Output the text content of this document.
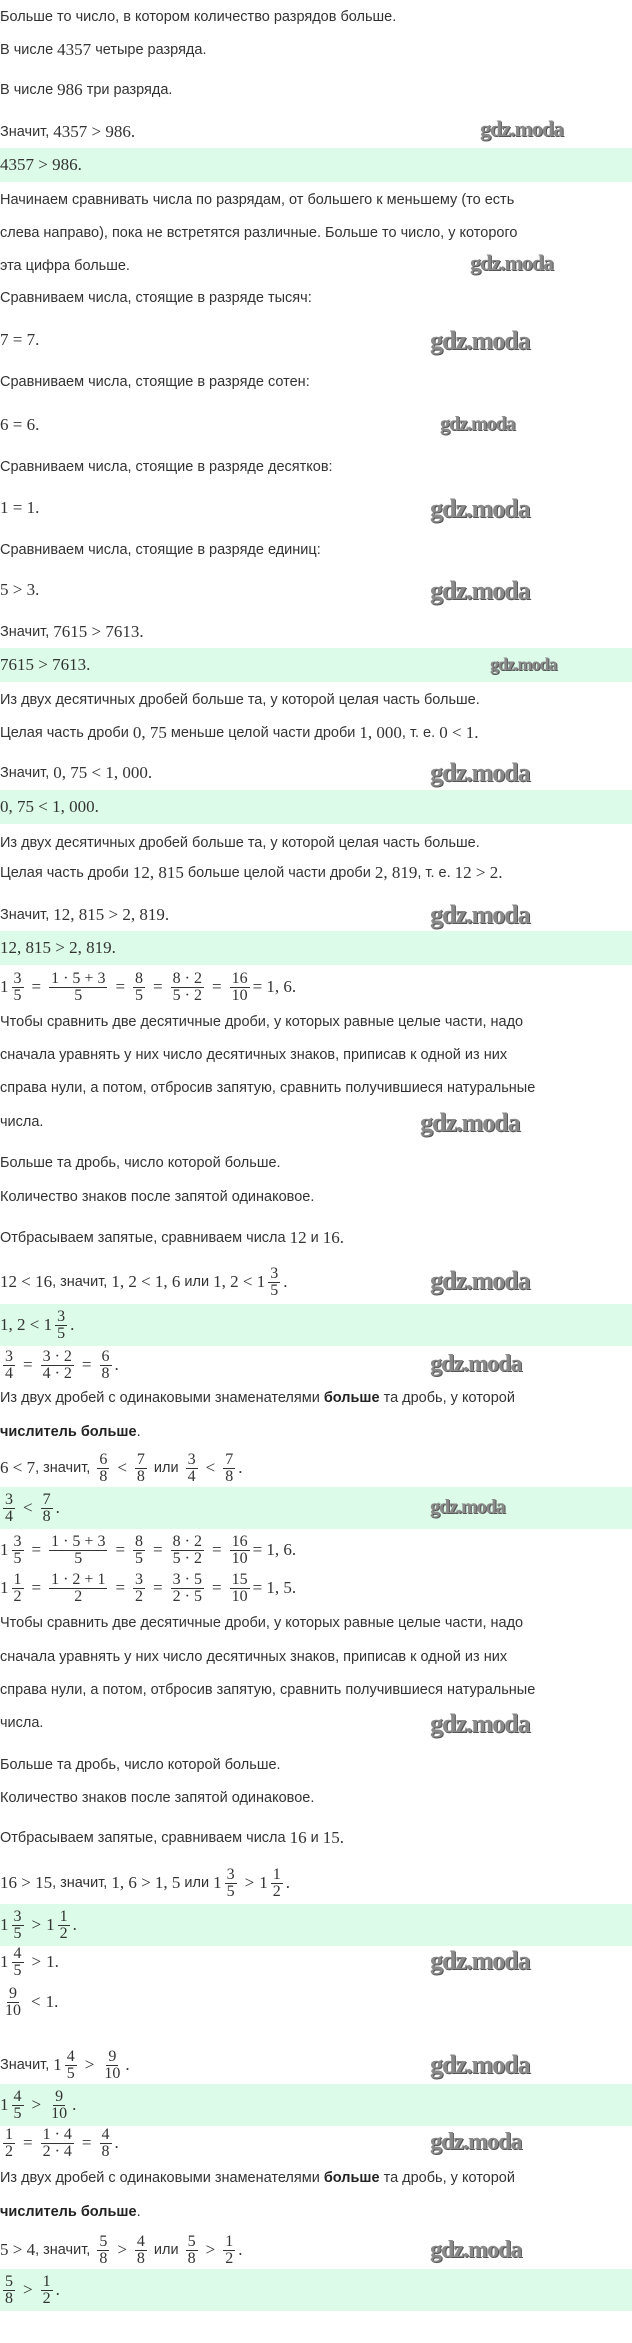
Больше то число, в котором количество разрядов больше.
В числе 4357 четыре разряда.
В числе 986 три разряда.
Значит, 4357 > 986.
4357 > 986.
Начинаем сравнивать числа по разрядам, от большего к меньшему (то есть
слева направо), пока не встретятся различные. Больше то число, у которого
эта цифра больше.
Сравниваем числа, стоящие в разряде тысяч:
7 = 7.
Сравниваем числа, стоящие в разряде сотен:
6 = 6.
Сравниваем числа, стоящие в разряде десятков:
1 = 1.
Сравниваем числа, стоящие в разряде единиц:
5 > 3.
Значит, 7615 > 7613.
7615 > 7613.
Из двух десятичных дробей больше та, у которой целая часть больше.
Целая часть дроби 0, 75 меньше целой части дроби 1, 000 , т. е. 0 < 1.
Значит, 0, 75 < 1, 000.
0, 75 < 1, 000.
Из двух десятичных дробей больше та, у которой целая часть больше.
Целая часть дроби 12, 815 больше целой части дроби 2, 819 , т. е. 12 > 2.
Значит, 12, 815 > 2, 819.
12, 815 > 2, 819.
$1 \frac{3}{5} = \frac{1 \cdot 5 + 3}{5} = \frac{8}{5} = \frac{8 \cdot 2}{5 \cdot 2} = \frac{16}{10} = 1$, 6.
Чтобы сравнить две десятичные дроби, у которых равные целые части, надо
сначала уравнять у них число десятичных знаков, приписав к одной из них
справа нули, а потом, отбросив запятую, сравнить получившиеся натуральные
числа.
Больше та дробь, число которой больше.
Количество знаков после запятой одинаковое.
Отбрасываем запятые, сравниваем числа 12 и 16 .
12 < 16 , значит, 1, 2 < 1, 6 или 1, $2 < 1 \frac{3}{5}$ .
1, $2 < 1 \frac{3}{5}$ .
$\frac{3}{4} = \frac{3 \cdot 2}{4 \cdot 2} = \frac{6}{8}$ .
Из двух дробей с одинаковыми знаменателями больше та дробь, у которой
числитель больше .
6 < 7 , значит, $\frac{6}{8} < \frac{7}{8}$ или $\frac{3}{4} < \frac{7}{8}$ .
$\frac{3}{4} < \frac{7}{8}$ .
$1 \frac{3}{5} = \frac{1 \cdot 5 + 3}{5} = \frac{8}{5} = \frac{8 \cdot 2}{5 \cdot 2} = \frac{16}{10} = 1$, 6.
$1 \frac{1}{2} = \frac{1 \cdot 2 + 1}{2} = \frac{3}{2} = \frac{3 \cdot 5}{2 \cdot 5} = \frac{15}{10} = 1$, 5.
Чтобы сравнить две десятичные дроби, у которых равные целые части, надо
сначала уравнять у них число десятичных знаков, приписав к одной из них
справа нули, а потом, отбросив запятую, сравнить получившиеся натуральные
числа.
Больше та дробь, число которой больше.
Количество знаков после запятой одинаковое.
Отбрасываем запятые, сравниваем числа 16 и 15 .
16 > 15 , значит, 1, 6 > 1, 5 или $1 \frac{3}{5} > 1 \frac{1}{2}$ .
$1 \frac{3}{5} > 1 \frac{1}{2}$ .
$1 \frac{4}{5} > 1$.
$\frac{9}{10} < 1$.
Значит, $1 \frac{4}{5} > \frac{9}{10}$ .
$1 \frac{4}{5} > \frac{9}{10}$ .
$\frac{1}{2} = \frac{1 \cdot 4}{2 \cdot 4} = \frac{4}{8}$ .
Из двух дробей с одинаковыми знаменателями больше та дробь, у которой
числитель больше .
5 > 4 , значит, $\frac{5}{8} > \frac{4}{8}$ или $\frac{5}{8} > \frac{1}{2}$ .
$\frac{5}{8} > \frac{1}{2}$ .
gdz.moda
gdz.moda
gdz.moda
gdz.moda
gdz.moda
gdz.moda
gdz.moda
gdz.moda
gdz.moda
gdz.moda
gdz.moda
gdz.moda
gdz.moda
gdz.moda
gdz.moda
gdz.moda
gdz.moda
gdz.moda
